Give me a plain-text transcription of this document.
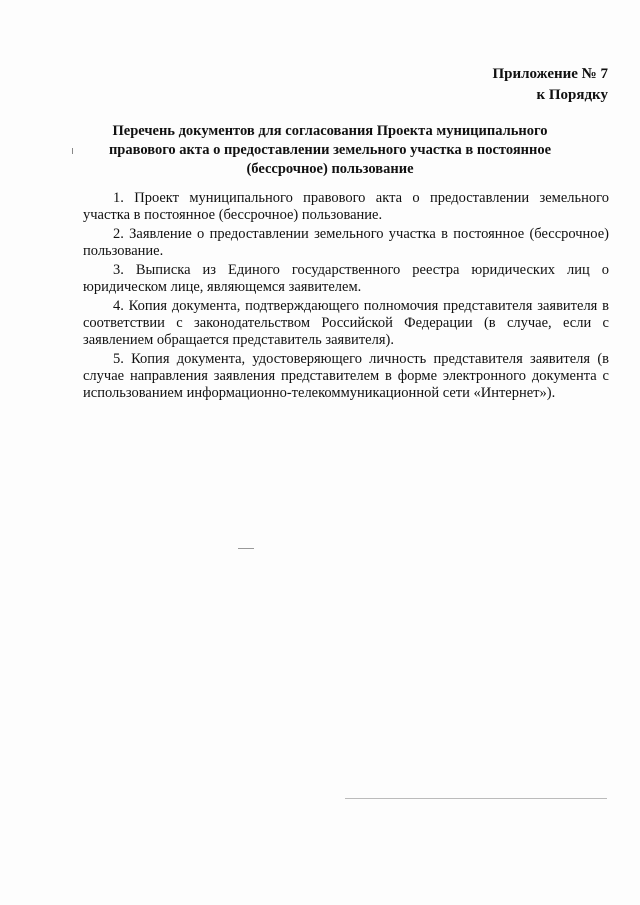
Приложение № 7
к Порядку
Перечень документов для согласования Проекта муниципального
правового акта о предоставлении земельного участка в постоянное
(бессрочное) пользование

1. Проект муниципального правового акта о предоставлении земельного участка в постоянное (бессрочное) пользование.

2. Заявление о предоставлении земельного участка в постоянное (бессрочное) пользование.

3. Выписка из Единого государственного реестра юридических лиц о юридическом лице, являющемся заявителем.

4. Копия документа, подтверждающего полномочия представителя заявителя в соответствии с законодательством Российской Федерации (в случае, если с заявлением обращается представитель заявителя).

5. Копия документа, удостоверяющего личность представителя заявителя (в случае направления заявления представителем в форме электронного документа с использованием информационно-телекоммуникационной сети «Интернет»).
